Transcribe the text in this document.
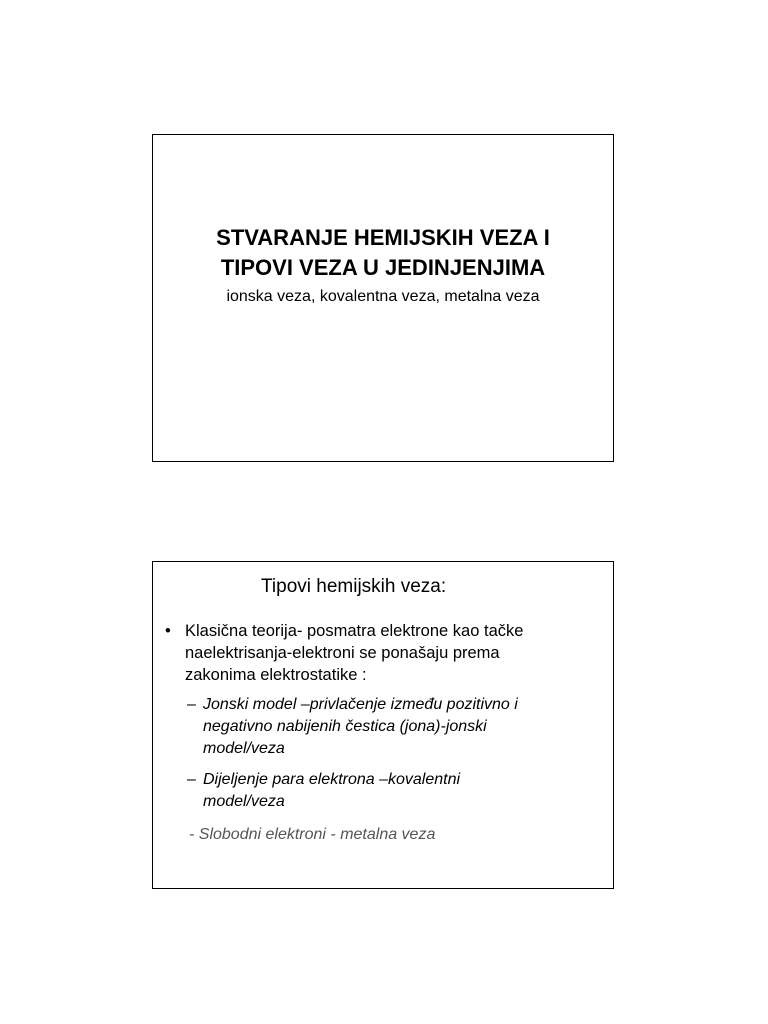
STVARANJE HEMIJSKIH VEZA I
TIPOVI VEZA U JEDINJENJIMA
ionska veza, kovalentna veza, metalna veza
Tipovi hemijskih veza:
• Klasična teorija- posmatra elektrone kao tačke
naelektrisanja-elektroni se ponašaju prema
zakonima elektrostatike :
– Jonski model –privlačenje između pozitivno i
negativno nabijenih čestica (jona)-jonski
model/veza
– Dijeljenje para elektrona –kovalentni
model/veza
- Slobodni elektroni - metalna veza
